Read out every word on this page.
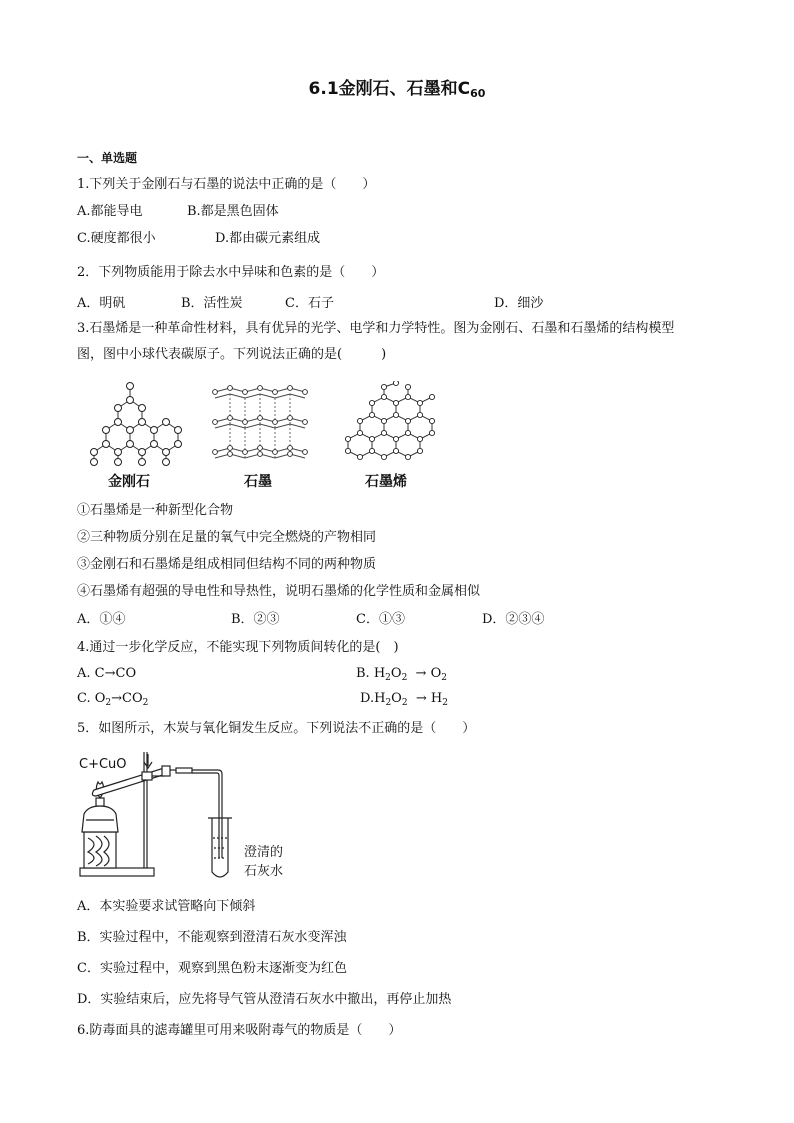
6.1金刚石、石墨和$C_{60}$
一、单选题
1.下列关于金刚石与石墨的说法中正确的是（　　）
A.都能导电	B.都是黑色固体
C.硬度都很小	D.都由碳元素组成
2．下列物质能用于除去水中异味和色素的是（　　）
A．明矾	B．活性炭	C．石子	D．细沙
3.石墨烯是一种革命性材料，具有优异的光学、电学和力学特性。图为金刚石、石墨和石墨烯的结构模型
图，图中小球代表碳原子。下列说法正确的是(　　　)
金刚石	石墨	石墨烯
①石墨烯是一种新型化合物
②三种物质分别在足量的氧气中完全燃烧的产物相同
③金刚石和石墨烯是组成相同但结构不同的两种物质
④石墨烯有超强的导电性和导热性，说明石墨烯的化学性质和金属相似
A．①④	B．②③	C．①③	D．②③④
4.通过一步化学反应，不能实现下列物质间转化的是(　)
A. C→CO	B. $H_2O_2 \to O_2$
C. $O_2\to CO_2$	$D.H_2O_2 \to H_2$
5．如图所示，木炭与氧化铜发生反应。下列说法不正确的是（　　）
C+CuO
澄清的
石灰水
A．本实验要求试管略向下倾斜
B．实验过程中，不能观察到澄清石灰水变浑浊
C．实验过程中，观察到黑色粉末逐渐变为红色
D．实验结束后，应先将导气管从澄清石灰水中撤出，再停止加热
6.防毒面具的滤毒罐里可用来吸附毒气的物质是（　　）
